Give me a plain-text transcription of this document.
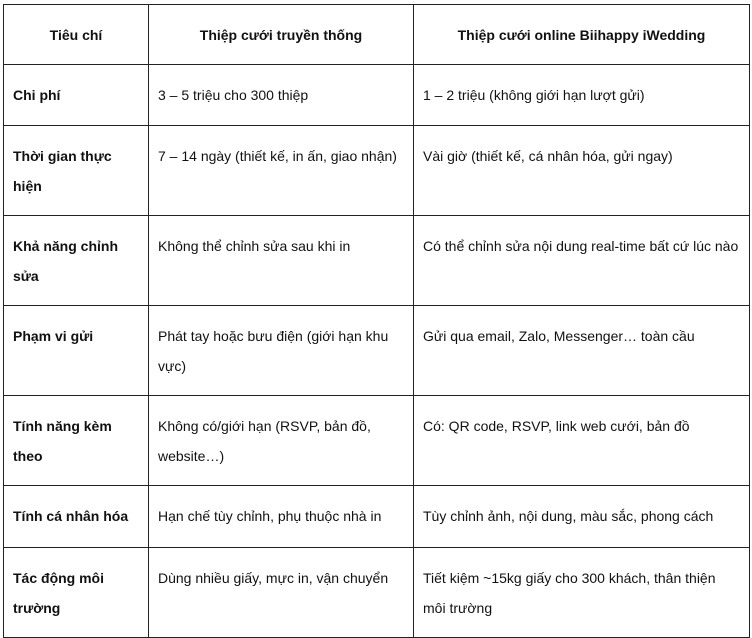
Tiêu chí	Thiệp cưới truyền thống	Thiệp cưới online Biihappy iWedding
Chi phí	3 – 5 triệu cho 300 thiệp	1 – 2 triệu (không giới hạn lượt gửi)
Thời gian thực hiện	7 – 14 ngày (thiết kế, in ấn, giao nhận)	Vài giờ (thiết kế, cá nhân hóa, gửi ngay)
Khả năng chỉnh sửa	Không thể chỉnh sửa sau khi in	Có thể chỉnh sửa nội dung real-time bất cứ lúc nào
Phạm vi gửi	Phát tay hoặc bưu điện (giới hạn khu vực)	Gửi qua email, Zalo, Messenger… toàn cầu
Tính năng kèm theo	Không có/giới hạn (RSVP, bản đồ, website…)	Có: QR code, RSVP, link web cưới, bản đồ
Tính cá nhân hóa	Hạn chế tùy chỉnh, phụ thuộc nhà in	Tùy chỉnh ảnh, nội dung, màu sắc, phong cách
Tác động môi trường	Dùng nhiều giấy, mực in, vận chuyển	Tiết kiệm ~15kg giấy cho 300 khách, thân thiện môi trường
